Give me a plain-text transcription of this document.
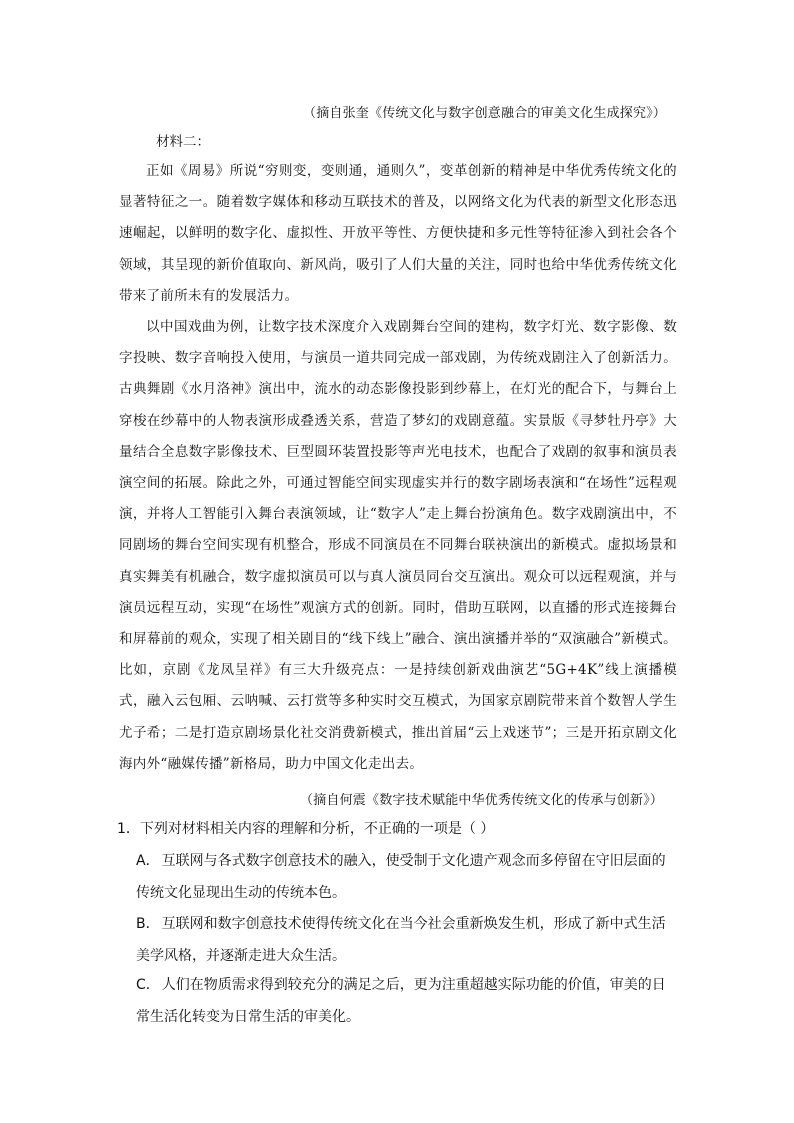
（摘自张奎《传统文化与数字创意融合的审美文化生成探究》）
材料二：
正如《周易》所说“穷则变，变则通，通则久”，变革创新的精神是中华优秀传统文化的显著特征之一。随着数字媒体和移动互联技术的普及，以网络文化为代表的新型文化形态迅速崛起，以鲜明的数字化、虚拟性、开放平等性、方便快捷和多元性等特征渗入到社会各个领域，其呈现的新价值取向、新风尚，吸引了人们大量的关注，同时也给中华优秀传统文化带来了前所未有的发展活力。
以中国戏曲为例，让数字技术深度介入戏剧舞台空间的建构，数字灯光、数字影像、数字投映、数字音响投入使用，与演员一道共同完成一部戏剧，为传统戏剧注入了创新活力。古典舞剧《水月洛神》演出中，流水的动态影像投影到纱幕上，在灯光的配合下，与舞台上穿梭在纱幕中的人物表演形成叠透关系，营造了梦幻的戏剧意蕴。实景版《寻梦牡丹亭》大量结合全息数字影像技术、巨型圆环装置投影等声光电技术，也配合了戏剧的叙事和演员表演空间的拓展。除此之外，可通过智能空间实现虚实并行的数字剧场表演和“在场性”远程观演，并将人工智能引入舞台表演领域，让“数字人”走上舞台扮演角色。数字戏剧演出中，不同剧场的舞台空间实现有机整合，形成不同演员在不同舞台联袂演出的新模式。虚拟场景和真实舞美有机融合，数字虚拟演员可以与真人演员同台交互演出。观众可以远程观演，并与演员远程互动，实现“在场性”观演方式的创新。同时，借助互联网，以直播的形式连接舞台和屏幕前的观众，实现了相关剧目的“线下线上”融合、演出演播并举的“双演融合”新模式。比如，京剧《龙凤呈祥》有三大升级亮点：一是持续创新戏曲演艺“5G+4K”线上演播模式，融入云包厢、云呐喊、云打赏等多种实时交互模式，为国家京剧院带来首个数智人学生尤子希；二是打造京剧场景化社交消费新模式，推出首届“云上戏迷节”；三是开拓京剧文化海内外“融媒传播”新格局，助力中国文化走出去。
（摘自何震《数字技术赋能中华优秀传统文化的传承与创新》）
1．下列对材料相关内容的理解和分析，不正确的一项是（ ）
A． 互联网与各式数字创意技术的融入，使受制于文化遗产观念而多停留在守旧层面的传统文化显现出生动的传统本色。
B． 互联网和数字创意技术使得传统文化在当今社会重新焕发生机，形成了新中式生活美学风格，并逐渐走进大众生活。
C． 人们在物质需求得到较充分的满足之后，更为注重超越实际功能的价值，审美的日常生活化转变为日常生活的审美化。
